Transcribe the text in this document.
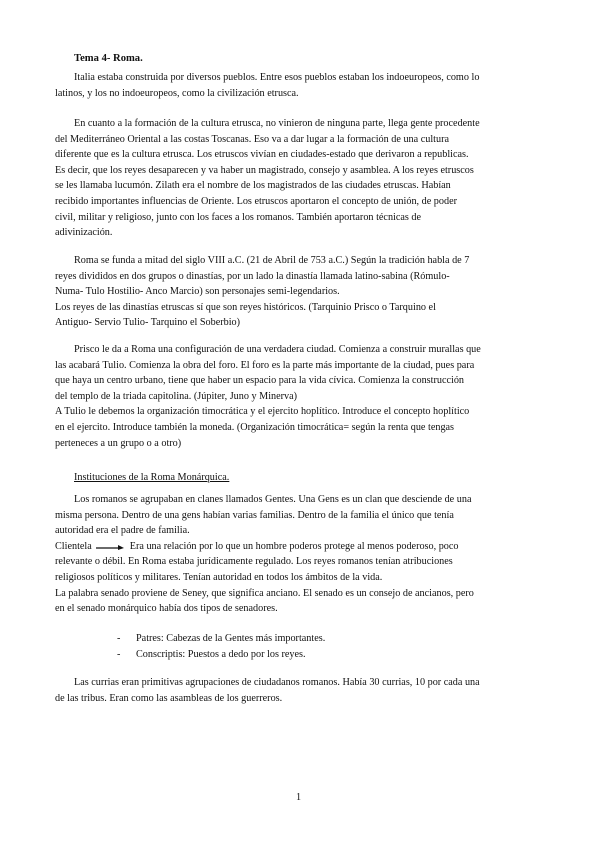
Tema 4- Roma.

Italia estaba construida por diversos pueblos. Entre esos pueblos estaban los indoeuropeos, como lo
latinos, y los no indoeuropeos, como la civilización etrusca.

En cuanto a la formación de la cultura etrusca, no vinieron de ninguna parte, llega gente procedente
del Mediterráneo Oriental a las costas Toscanas. Eso va a dar lugar a la formación de una cultura
diferente que es la cultura etrusca. Los etruscos vivían en ciudades-estado que derivaron a republicas.
Es decir, que los reyes desaparecen y va haber un magistrado, consejo y asamblea. A los reyes etruscos
se les llamaba lucumón. Zilath era el nombre de los magistrados de las ciudades etruscas. Habían
recibido importantes influencias de Oriente. Los etruscos aportaron el concepto de unión, de poder
civil, militar y religioso, junto con los faces a los romanos. También aportaron técnicas de
adivinización.

Roma se funda a mitad del siglo VIII a.C. (21 de Abril de 753 a.C.) Según la tradición habla de 7
reyes divididos en dos grupos o dinastías, por un lado la dinastía llamada latino-sabina (Rómulo-
Numa- Tulo Hostilio- Anco Marcio) son personajes semi-legendarios.
Los reyes de las dinastías etruscas sí que son reyes históricos. (Tarquinio Prisco o Tarquino el
Antiguo- Servio Tulio- Tarquino el Soberbio)

Prisco le da a Roma una configuración de una verdadera ciudad. Comienza a construir murallas que
las acabará Tulio. Comienza la obra del foro. El foro es la parte más importante de la ciudad, pues para
que haya un centro urbano, tiene que haber un espacio para la vida cívica. Comienza la construcción
del templo de la triada capitolina. (Júpiter, Juno y Minerva)
A Tulio le debemos la organización timocrática y el ejercito hoplítico. Introduce el concepto hoplítico
en el ejercito. Introduce también la moneda. (Organización timocrática= según la renta que tengas
perteneces a un grupo o a otro)

Instituciones de la Roma Monárquica.

Los romanos se agrupaban en clanes llamados Gentes. Una Gens es un clan que desciende de una
misma persona. Dentro de una gens habían varias familias. Dentro de la familia el único que tenía
autoridad era el padre de familia.
Clientela	Era una relación por lo que un hombre poderos protege al menos poderoso, poco
relevante o débil. En Roma estaba jurídicamente regulado. Los reyes romanos tenían atribuciones
religiosos políticos y militares. Tenían autoridad en todos los ámbitos de la vida.
La palabra senado proviene de Seney, que significa anciano. El senado es un consejo de ancianos, pero
en el senado monárquico había dos tipos de senadores.

- Patres: Cabezas de la Gentes más importantes.
- Conscriptis: Puestos a dedo por los reyes.

Las currias eran primitivas agrupaciones de ciudadanos romanos. Había 30 currias, 10 por cada una
de las tribus. Eran como las asambleas de los guerreros.

1
